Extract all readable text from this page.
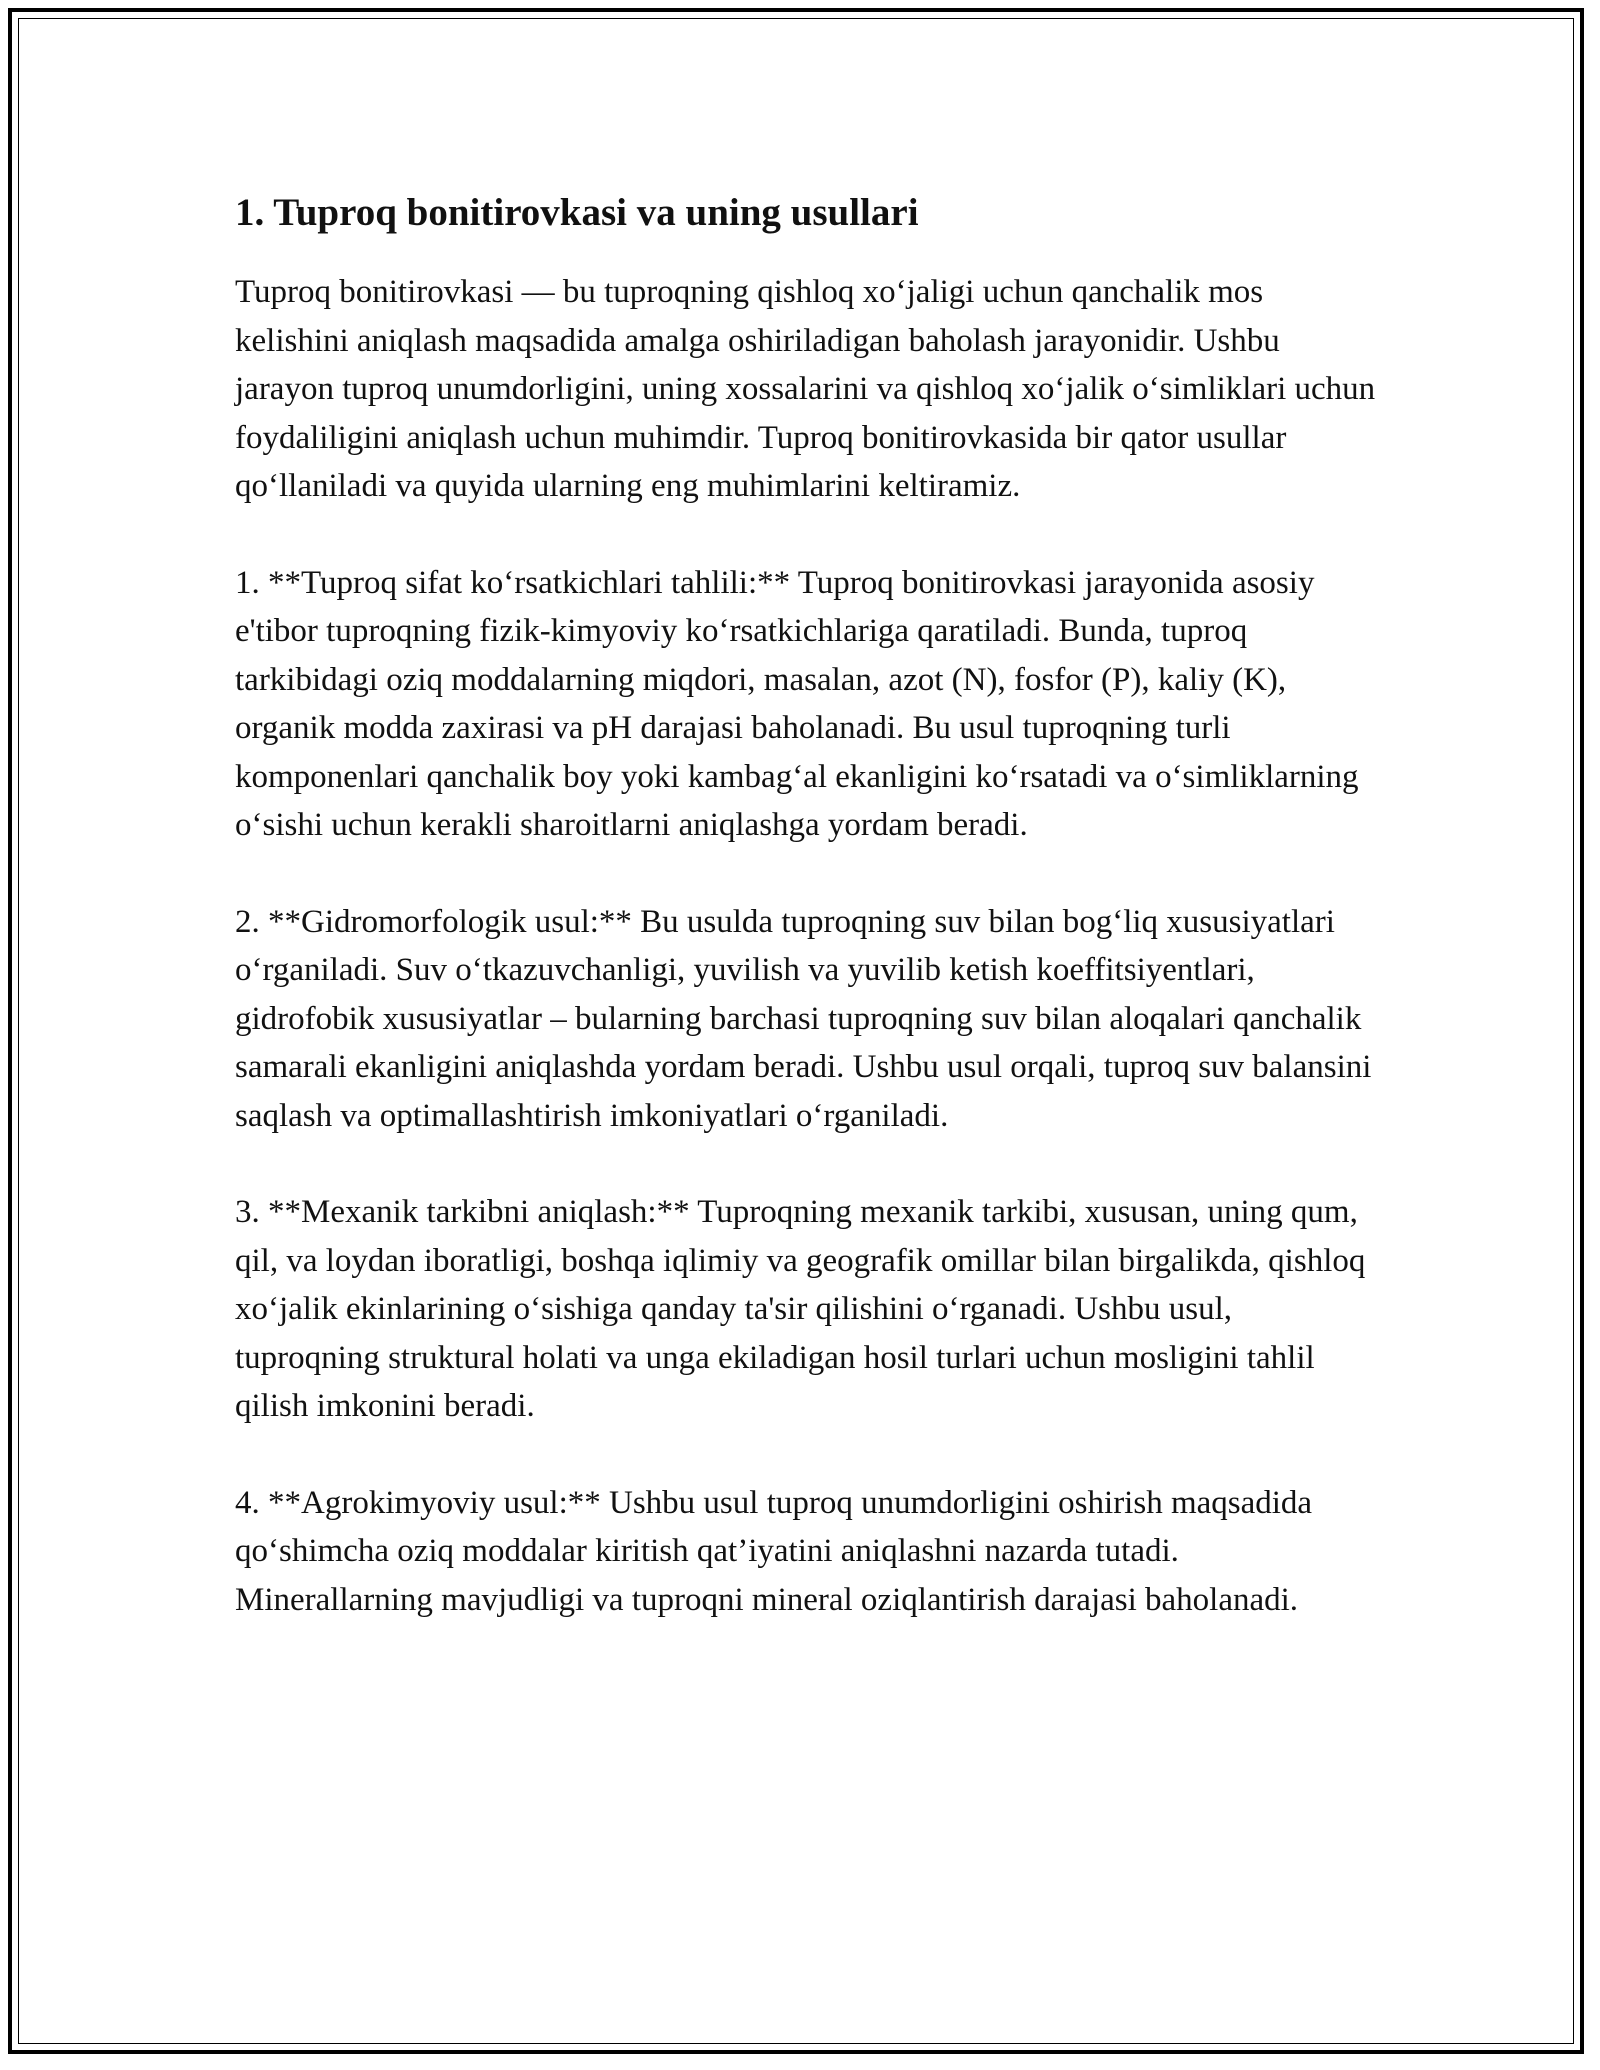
1. Tuproq bonitirovkasi va uning usullari

Tuproq bonitirovkasi — bu tuproqning qishloq xo‘jaligi uchun qanchalik mos kelishini aniqlash maqsadida amalga oshiriladigan baholash jarayonidir. Ushbu jarayon tuproq unumdorligini, uning xossalarini va qishloq xo‘jalik o‘simliklari uchun foydaliligini aniqlash uchun muhimdir. Tuproq bonitirovkasida bir qator usullar qo‘llaniladi va quyida ularning eng muhimlarini keltiramiz.

1. **Tuproq sifat ko‘rsatkichlari tahlili:** Tuproq bonitirovkasi jarayonida asosiy e'tibor tuproqning fizik-kimyoviy ko‘rsatkichlariga qaratiladi. Bunda, tuproq tarkibidagi oziq moddalarning miqdori, masalan, azot (N), fosfor (P), kaliy (K), organik modda zaxirasi va pH darajasi baholanadi. Bu usul tuproqning turli komponenlari qanchalik boy yoki kambag‘al ekanligini ko‘rsatadi va o‘simliklarning o‘sishi uchun kerakli sharoitlarni aniqlashga yordam beradi.

2. **Gidromorfologik usul:** Bu usulda tuproqning suv bilan bog‘liq xususiyatlari o‘rganiladi. Suv o‘tkazuvchanligi, yuvilish va yuvilib ketish koeffitsiyentlari, gidrofobik xususiyatlar – bularning barchasi tuproqning suv bilan aloqalari qanchalik samarali ekanligini aniqlashda yordam beradi. Ushbu usul orqali, tuproq suv balansini saqlash va optimallashtirish imkoniyatlari o‘rganiladi.

3. **Mexanik tarkibni aniqlash:** Tuproqning mexanik tarkibi, xususan, uning qum, qil, va loydan iboratligi, boshqa iqlimiy va geografik omillar bilan birgalikda, qishloq xo‘jalik ekinlarining o‘sishiga qanday ta'sir qilishini o‘rganadi. Ushbu usul, tuproqning struktural holati va unga ekiladigan hosil turlari uchun mosligini tahlil qilish imkonini beradi.

4. **Agrokimyoviy usul:** Ushbu usul tuproq unumdorligini oshirish maqsadida qo‘shimcha oziq moddalar kiritish qat’iyatini aniqlashni nazarda tutadi. Minerallarning mavjudligi va tuproqni mineral oziqlantirish darajasi baholanadi.
